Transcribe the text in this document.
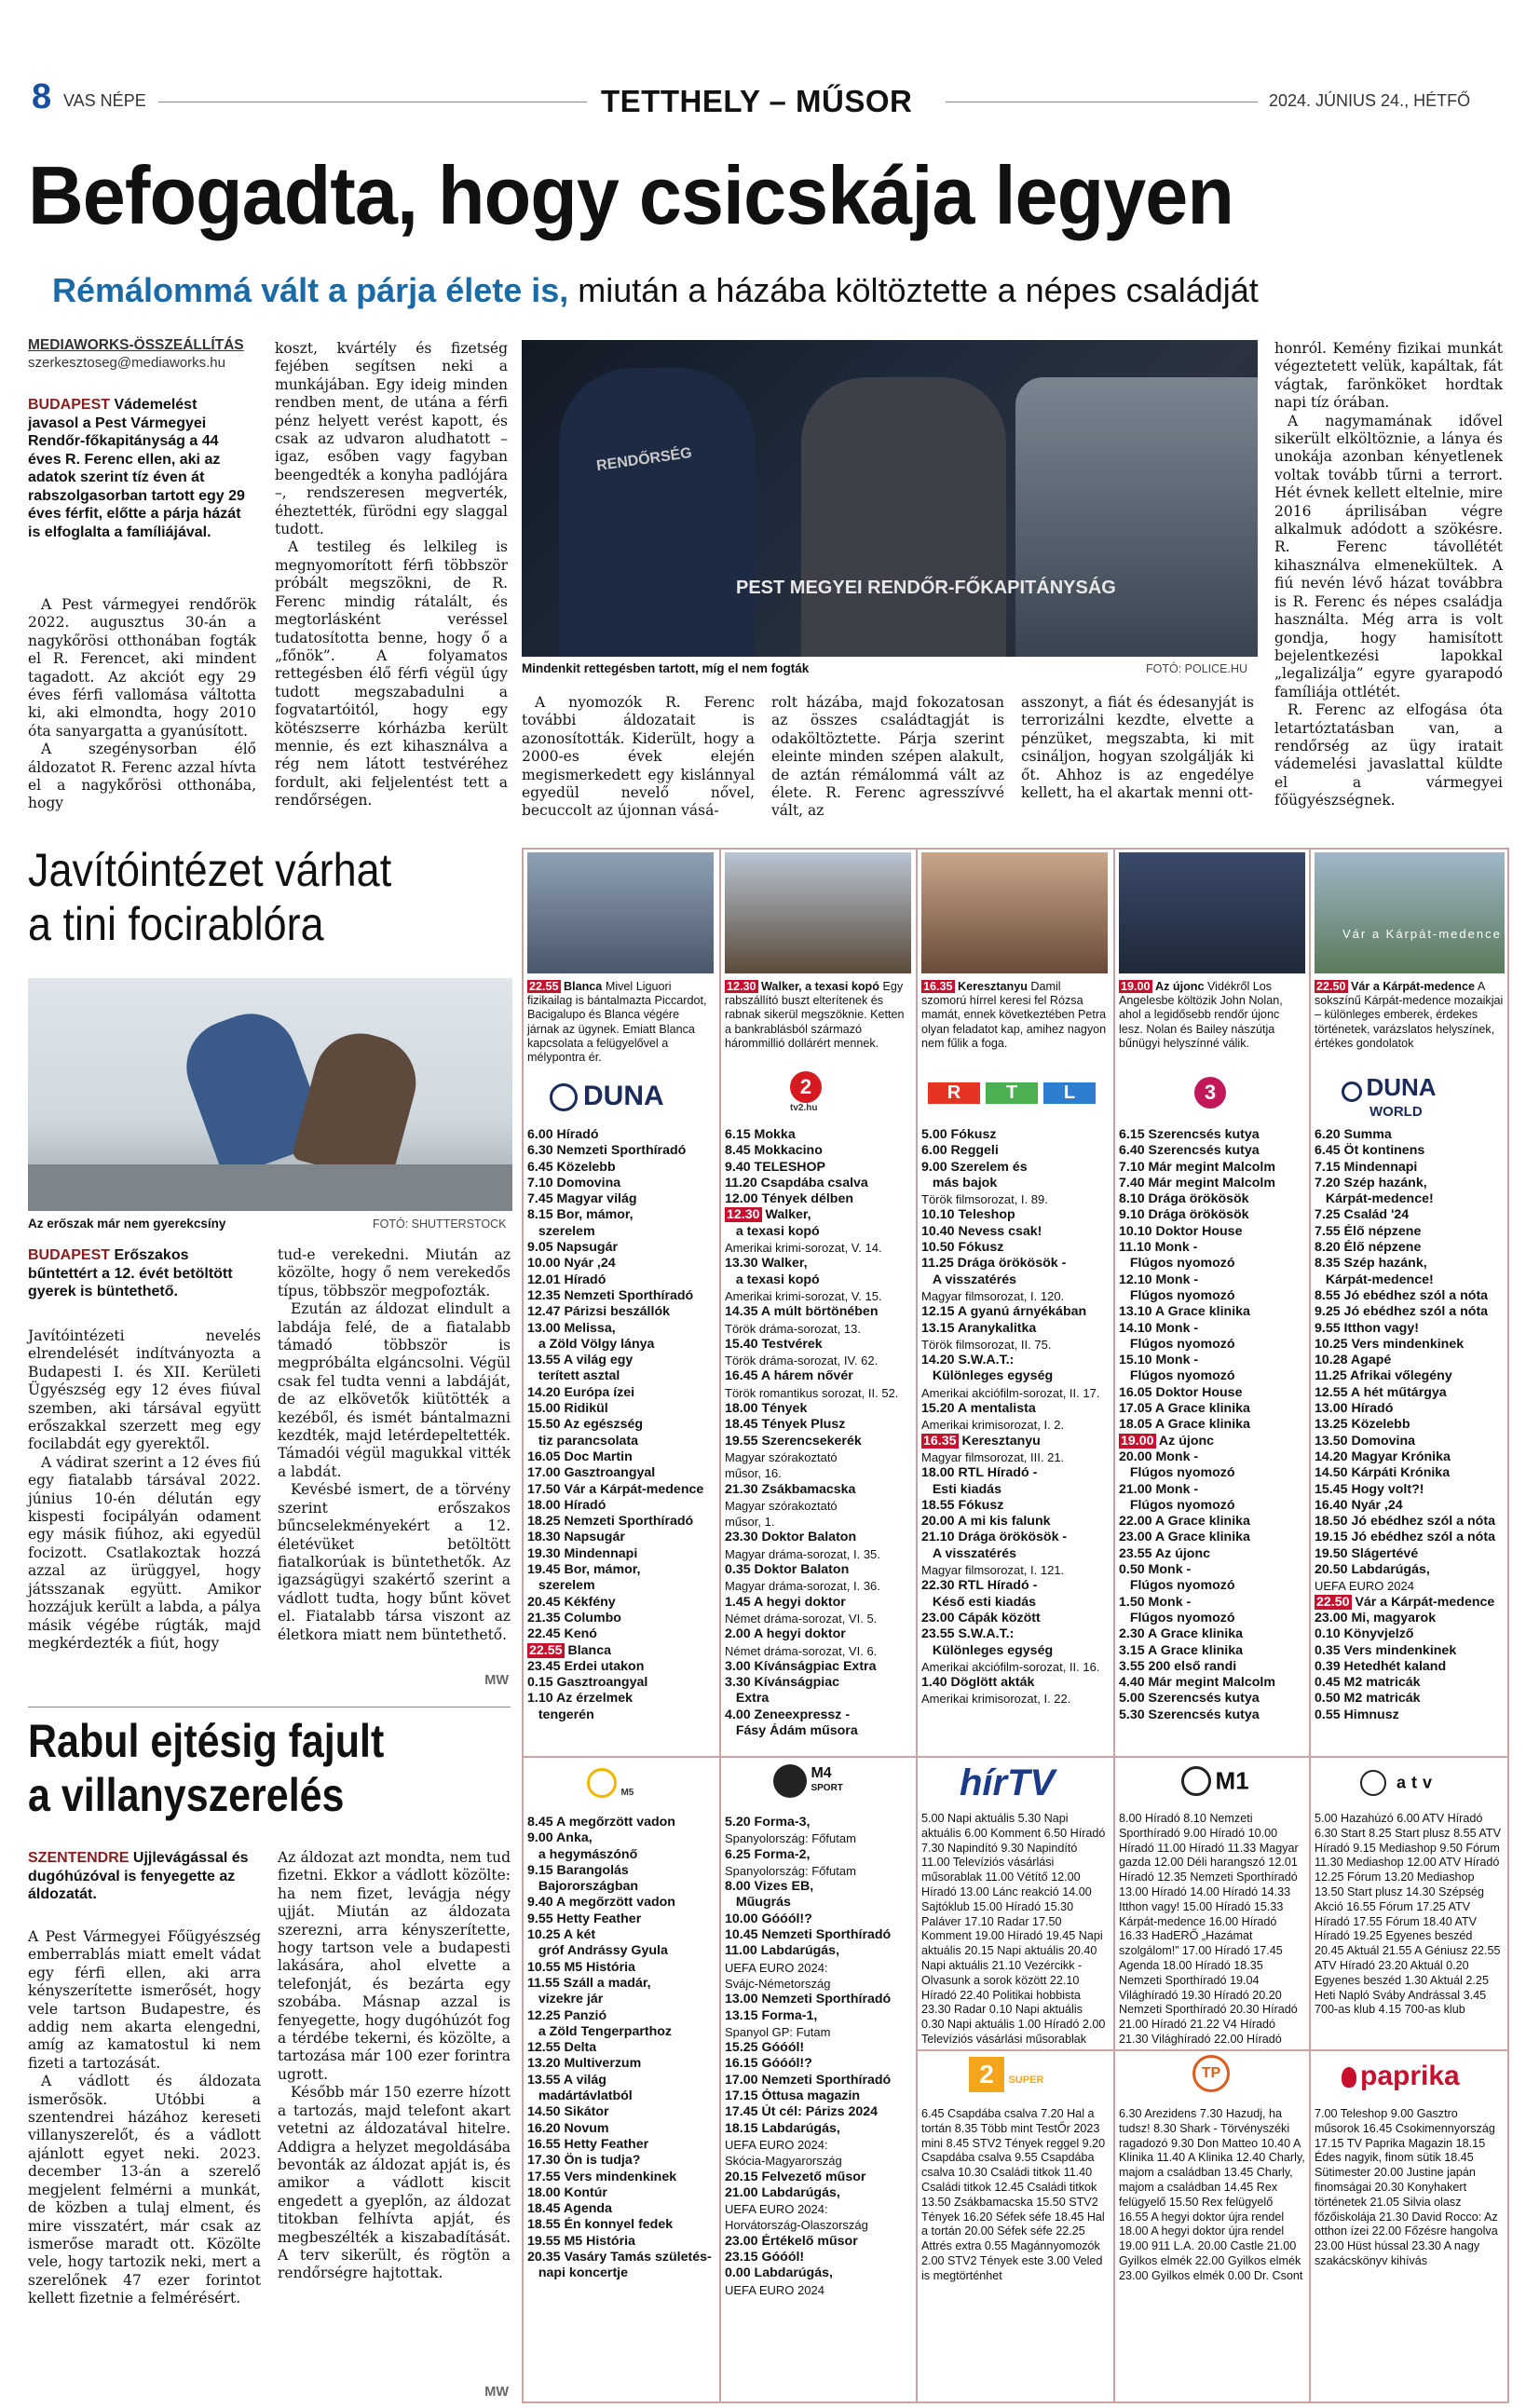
8 VAS NÉPE	TETTHELY – MŰSOR	2024. JÚNIUS 24., HÉTFŐ
Befogadta, hogy csicskája legyen
Rémálommá vált a párja élete is, miután a házába költöztette a népes családját
MEDIAWORKS-ÖSSZEÁLLÍTÁS
szerkesztoseg@mediaworks.hu
BUDAPEST Vádemelést javasol a Pest Vármegyei Rendőr-főkapitányság a 44 éves R. Ferenc ellen, aki az adatok szerint tíz éven át rabszolgasorban tartott egy 29 éves férfit, előtte a párja házát is elfoglalta a famíliájával.

A Pest vármegyei rendőrök 2022. augusztus 30-án a nagykőrösi otthonában fogták el R. Ferencet, aki mindent tagadott. Az akciót egy 29 éves férfi vallomása váltotta ki, aki elmondta, hogy 2010 óta sanyargatta a gyanúsított.

A szegénysorban élő áldozatot R. Ferenc azzal hívta el a nagykőrösi otthonába, hogy

koszt, kvártély és fizetség fejében segítsen neki a munkájában. Egy ideig minden rendben ment, de utána a férfi pénz helyett verést kapott, és csak az udvaron aludhatott – igaz, esőben vagy fagyban beengedték a konyha padlójára –, rendszeresen megverték, éheztették, fürödni egy slaggal tudott.

A testileg és lelkileg is megnyomorított férfi többször próbált megszökni, de R. Ferenc mindig rátalált, és megtorlásként veréssel tudatosította benne, hogy ő a „főnök”. A folyamatos rettegésben élő férfi végül úgy tudott megszabadulni a fogvatartóitól, hogy egy kötészserre kórházba került mennie, és ezt kihasználva a rég nem látott testvéréhez fordult, aki feljelentést tett a rendőrségen.

RENDŐRSÉG
PEST MEGYEI RENDŐR-FŐKAPITÁNYSÁG
Mindenkit rettegésben tartott, míg el nem fogták	FOTÓ: POLICE.HU

A nyomozók R. Ferenc további áldozatait is azonosították. Kiderült, hogy a 2000-es évek elején megismerkedett egy kislánnyal egyedül nevelő nővel, becuccolt az újonnan vásá-

rolt házába, majd fokozatosan az összes családtagját is odaköltöztette. Párja szerint eleinte minden szépen alakult, de aztán rémálommá vált az élete. R. Ferenc agresszívvé vált, az

asszonyt, a fiát és édesanyját is terrorizálni kezdte, elvette a pénzüket, megszabta, ki mit csináljon, hogyan szolgálják ki őt. Ahhoz is az engedélye kellett, ha el akartak menni ott-

honról. Kemény fizikai munkát végeztetett velük, kapáltak, fát vágtak, farönköket hordtak napi tíz órában.

A nagymamának idővel sikerült elköltöznie, a lánya és unokája azonban kényetlenek voltak tovább tűrni a terrort. Hét évnek kellett eltelnie, mire 2016 áprilisában végre alkalmuk adódott a szökésre. R. Ferenc távollétét kihasználva elmenekültek. A fiú nevén lévő házat továbbra is R. Ferenc és népes családja használta. Még arra is volt gondja, hogy hamisított bejelentkezési lapokkal „legalizálja” egyre gyarapodó famíliája ottlétét.

R. Ferenc az elfogása óta letartóztatásban van, a rendőrség az ügy iratait vádemelési javaslattal küldte el a vármegyei főügyészségnek.

Javítóintézet várhat
a tini focirablóra
Az erőszak már nem gyerekcsíny	FOTÓ: SHUTTERSTOCK
BUDAPEST Erőszakos bűntettért a 12. évét betöltött gyerek is büntethető.

Javítóintézeti nevelés elrendelését indítványozta a Budapesti I. és XII. Kerületi Ügyészség egy 12 éves fiúval szemben, aki társával együtt erőszakkal szerzett meg egy focilabdát egy gyerektől.

A vádirat szerint a 12 éves fiú egy fiatalabb társával 2022. június 10-én délután egy kispesti focipályán odament egy másik fiúhoz, aki egyedül focizott. Csatlakoztak hozzá azzal az ürüggyel, hogy játsszanak együtt. Amikor hozzájuk került a labda, a pálya másik végébe rúgták, majd megkérdezték a fiút, hogy

tud-e verekedni. Miután az közölte, hogy ő nem verekedős típus, többször megpofozták.

Ezután az áldozat elindult a labdája felé, de a fiatalabb támadó többször is megpróbálta elgáncsolni. Végül csak fel tudta venni a labdáját, de az elkövetők kiütötték a kezéből, és ismét bántalmazni kezdték, majd letérdepeltették. Támadói végül magukkal vitték a labdát.

Kevésbé ismert, de a törvény szerint erőszakos bűncselekményekért a 12. életévüket betöltött fiatalkorúak is büntethetők. Az igazságügyi szakértő szerint a vádlott tudta, hogy bűnt követ el. Fiatalabb társa viszont az életkora miatt nem büntethető.

MW
Rabul ejtésig fajult
a villanyszerelés
SZENTENDRE Ujjlevágással és dugóhúzóval is fenyegette az áldozatát.

A Pest Vármegyei Főügyészség emberrablás miatt emelt vádat egy férfi ellen, aki arra kényszerítette ismerősét, hogy vele tartson Budapestre, és addig nem akarta elengedni, amíg az kamatostul ki nem fizeti a tartozását.

A vádlott és áldozata ismerősök. Utóbbi a szentendrei házához kereseti villanyszerelőt, és a vádlott ajánlott egyet neki. 2023. december 13-án a szerelő megjelent felmérni a munkát, de közben a tulaj elment, és mire visszatért, már csak az ismerőse maradt ott. Közölte vele, hogy tartozik neki, mert a szerelőnek 47 ezer forintot kellett fizetnie a felmérésért.

Az áldozat azt mondta, nem tud fizetni. Ekkor a vádlott közölte: ha nem fizet, levágja négy ujját. Miután az áldozata szerezni, arra kényszerítette, hogy tartson vele a budapesti lakására, ahol elvette a telefonját, és bezárta egy szobába. Másnap azzal is fenyegette, hogy dugóhúzót fog a térdébe tekerni, és közölte, a tartozása már 100 ezer forintra ugrott.

Később már 150 ezerre hízott a tartozás, majd telefont akart vetetni az áldozatával hitelre. Addigra a helyzet megoldásába bevonták az áldozat apját is, és amikor a vádlott kiscit engedett a gyeplőn, az áldozat titokban felhívta apját, és megbeszélték a kiszabadítását. A terv sikerült, és rögtön a rendőrségre hajtottak.

MW
Vár a Kárpát-medence
22.55 Blanca Mivel Liguori fizikailag is bántalmazta Piccardot, Bacigalupo és Blanca végére járnak az ügynek. Emiatt Blanca kapcsolata a felügyelővel a mélypontra ér.
12.30 Walker, a texasi kopó Egy rabszállító buszt elterítenek és rabnak sikerül megszöknie. Ketten a bankrablásból származó hárommillió dollárért mennek.
16.35 Keresztanyu Damil szomorú hírrel keresi fel Rózsa mamát, ennek következtében Petra olyan feladatot kap, amihez nagyon nem fűlik a foga.
19.00 Az újonc Vidékről Los Angelesbe költözik John Nolan, ahol a legidősebb rendőr újonc lesz. Nolan és Bailey nászútja bűnügyi helyszínné válik.
22.50 Vár a Kárpát-medence A sokszínű Kárpát-medence mozaikjai – különleges emberek, érdekes történetek, varázslatos helyszínek, értékes gondolatok
DUNA	2
tv2.hu
R T L	3	DUNA
WORLD
6.00 Híradó
6.30 Nemzeti Sporthíradó
6.45 Közelebb
7.10 Domovina
7.45 Magyar világ
8.15 Bor, mámor,
szerelem
9.05 Napsugár
10.00 Nyár ,24
12.01 Híradó
12.35 Nemzeti Sporthíradó
12.47 Párizsi beszállók
13.00 Melissa,
a Zöld Völgy lánya
13.55 A világ egy
terített asztal
14.20 Európa ízei
15.00 Ridikül
15.50 Az egészség
tiz parancsolata
16.05 Doc Martin
17.00 Gasztroangyal
17.50 Vár a Kárpát-medence
18.00 Híradó
18.25 Nemzeti Sporthíradó
18.30 Napsugár
19.30 Mindennapi
19.45 Bor, mámor,
szerelem
20.45 Kékfény
21.35 Columbo
22.45 Kenó
22.55 Blanca
23.45 Erdei utakon
0.15 Gasztroangyal
1.10 Az érzelmek
tengerén
6.15 Mokka
8.45 Mokkacino
9.40 TELESHOP
11.20 Csapdába csalva
12.00 Tények délben
12.30 Walker,
a texasi kopó
Amerikai krimi-sorozat, V. 14.
13.30 Walker,
a texasi kopó
Amerikai krimi-sorozat, V. 15.
14.35 A múlt börtönében
Török dráma-sorozat, 13.
15.40 Testvérek
Török dráma-sorozat, IV. 62.
16.45 A hárem nővér
Török romantikus sorozat, II. 52.
18.00 Tények
18.45 Tények Plusz
19.55 Szerencsekerék
Magyar szórakoztató
műsor, 16.
21.30 Zsákbamacska
Magyar szórakoztató
műsor, 1.
23.30 Doktor Balaton
Magyar dráma-sorozat, I. 35.
0.35 Doktor Balaton
Magyar dráma-sorozat, I. 36.
1.45 A hegyi doktor
Német dráma-sorozat, VI. 5.
2.00 A hegyi doktor
Német dráma-sorozat, VI. 6.
3.00 Kívánságpiac Extra
3.30 Kívánságpiac
Extra
4.00 Zeneexpressz -
Fásy Ádám műsora
5.00 Fókusz
6.00 Reggeli
9.00 Szerelem és
más bajok
Török filmsorozat, I. 89.
10.10 Teleshop
10.40 Nevess csak!
10.50 Fókusz
11.25 Drága örökösök -
A visszatérés
Magyar filmsorozat, I. 120.
12.15 A gyanú árnyékában
13.15 Aranykalitka
Török filmsorozat, II. 75.
14.20 S.W.A.T.:
Különleges egység
Amerikai akciófilm-sorozat, II. 17.
15.20 A mentalista
Amerikai krimisorozat, I. 2.
16.35 Keresztanyu
Magyar filmsorozat, III. 21.
18.00 RTL Híradó -
Esti kiadás
18.55 Fókusz
20.00 A mi kis falunk
21.10 Drága örökösök -
A visszatérés
Magyar filmsorozat, I. 121.
22.30 RTL Híradó -
Késő esti kiadás
23.00 Cápák között
23.55 S.W.A.T.:
Különleges egység
Amerikai akciófilm-sorozat, II. 16.
1.40 Döglött akták
Amerikai krimisorozat, I. 22.
6.15 Szerencsés kutya
6.40 Szerencsés kutya
7.10 Már megint Malcolm
7.40 Már megint Malcolm
8.10 Drága örökösök
9.10 Drága örökösök
10.10 Doktor House
11.10 Monk -
Flúgos nyomozó
12.10 Monk -
Flúgos nyomozó
13.10 A Grace klinika
14.10 Monk -
Flúgos nyomozó
15.10 Monk -
Flúgos nyomozó
16.05 Doktor House
17.05 A Grace klinika
18.05 A Grace klinika
19.00 Az újonc
20.00 Monk -
Flúgos nyomozó
21.00 Monk -
Flúgos nyomozó
22.00 A Grace klinika
23.00 A Grace klinika
23.55 Az újonc
0.50 Monk -
Flúgos nyomozó
1.50 Monk -
Flúgos nyomozó
2.30 A Grace klinika
3.15 A Grace klinika
3.55 200 első randi
4.40 Már megint Malcolm
5.00 Szerencsés kutya
5.30 Szerencsés kutya
6.20 Summa
6.45 Öt kontinens
7.15 Mindennapi
7.20 Szép hazánk,
Kárpát-medence!
7.25 Család '24
7.55 Élő népzene
8.20 Élő népzene
8.35 Szép hazánk,
Kárpát-medence!
8.55 Jó ebédhez szól a nóta
9.25 Jó ebédhez szól a nóta
9.55 Itthon vagy!
10.25 Vers mindenkinek
10.28 Agapé
11.25 Afrikai vőlegény
12.55 A hét műtárgya
13.00 Híradó
13.25 Közelebb
13.50 Domovina
14.20 Magyar Krónika
14.50 Kárpáti Krónika
15.45 Hogy volt?!
16.40 Nyár ,24
18.50 Jó ebédhez szól a nóta
19.15 Jó ebédhez szól a nóta
19.50 Slágertévé
20.50 Labdarúgás,
UEFA EURO 2024
22.50 Vár a Kárpát-medence
23.00 Mi, magyarok
0.10 Könyvjelző
0.35 Vers mindenkinek
0.39 Hetedhét kaland
0.45 M2 matricák
0.50 M2 matricák
0.55 Himnusz
M5
M4
SPORT	hírTV	M1	atv
8.45 A megőrzött vadon
9.00 Anka,
a hegymászónő
9.15 Barangolás
Bajorországban
9.40 A megőrzött vadon
9.55 Hetty Feather
10.25 A két
gróf Andrássy Gyula
10.55 M5 História
11.55 Száll a madár,
vizekre jár
12.25 Panzió
a Zöld Tengerparthoz
12.55 Delta
13.20 Multiverzum
13.55 A világ
madártávlatból
14.50 Sikátor
16.20 Novum
16.55 Hetty Feather
17.30 Ön is tudja?
17.55 Vers mindenkinek
18.00 Kontúr
18.45 Agenda
18.55 Én konnyel fedek
19.55 M5 História
20.35 Vasáry Tamás születés-
napi koncertje
5.20 Forma-3,
Spanyolország: Főfutam
6.25 Forma-2,
Spanyolország: Főfutam
8.00 Vizes EB,
Műugrás
10.00 Góóól!?
10.45 Nemzeti Sporthíradó
11.00 Labdarúgás,
UEFA EURO 2024:
Svájc-Németország
13.00 Nemzeti Sporthíradó
13.15 Forma-1,
Spanyol GP: Futam
15.25 Góóól!
16.15 Góóól!?
17.00 Nemzeti Sporthíradó
17.15 Óttusa magazin
17.45 Út cél: Párizs 2024
18.15 Labdarúgás,
UEFA EURO 2024:
Skócia-Magyarország
20.15 Felvezető műsor
21.00 Labdarúgás,
UEFA EURO 2024:
Horvátország-Olaszország
23.00 Értékelő műsor
23.15 Góóól!
0.00 Labdarúgás,
UEFA EURO 2024
5.00 Napi aktuális 5.30 Napi aktuális 6.00 Komment 6.50 Híradó 7.30 Napindító 9.30 Napindító 11.00 Televíziós vásárlási műsorablak 11.00 Vétítő 12.00 Híradó 13.00 Lánc reakció 14.00 Sajtóklub 15.00 Híradó 15.30 Paláver 17.10 Radar 17.50 Komment 19.00 Híradó 19.45 Napi aktuális 20.15 Napi aktuális 20.40 Napi aktuális 21.10 Vezércikk - Olvasunk a sorok között 22.10 Híradó 22.40 Politikai hobbista 23.30 Radar 0.10 Napi aktuális 0.30 Napi aktuális 1.00 Híradó 2.00 Televíziós vásárlási műsorablak
8.00 Híradó 8.10 Nemzeti Sporthíradó 9.00 Híradó 10.00 Híradó 11.00 Híradó 11.33 Magyar gazda 12.00 Déli harangszó 12.01 Híradó 12.35 Nemzeti Sporthíradó 13.00 Híradó 14.00 Híradó 14.33 Itthon vagy! 15.00 Híradó 15.33 Kárpát-medence 16.00 Híradó 16.33 HadERŐ „Hazámat szolgálom!” 17.00 Híradó 17.45 Agenda 18.00 Híradó 18.35 Nemzeti Sporthíradó 19.04 Világhíradó 19.30 Híradó 20.20 Nemzeti Sporthíradó 20.30 Híradó 21.00 Híradó 21.22 V4 Híradó 21.30 Világhíradó 22.00 Híradó
5.00 Hazahúzó 6.00 ATV Híradó 6.30 Start 8.25 Start plusz 8.55 ATV Híradó 9.15 Mediashop 9.50 Fórum 11.30 Mediashop 12.00 ATV Híradó 12.25 Fórum 13.20 Mediashop 13.50 Start plusz 14.30 Szépség Akció 16.55 Fórum 17.25 ATV Híradó 17.55 Fórum 18.40 ATV Híradó 19.25 Egyenes beszéd 20.45 Aktuál 21.55 A Géniusz 22.55 ATV Híradó 23.20 Aktuál 0.20 Egyenes beszéd 1.30 Aktuál 2.25 Heti Napló Sváby Andrással 3.45 700-as klub 4.15 700-as klub
2 SUPER	TP	paprika
6.45 Csapdába csalva 7.20 Hal a tortán 8.35 Több mint TestŐr 2023 mini 8.45 STV2 Tények reggel 9.20 Csapdába csalva 9.55 Csapdába csalva 10.30 Családi titkok 11.40 Családi titkok 12.45 Családi titkok 13.50 Zsákbamacska 15.50 STV2 Tények 16.20 Séfek séfe 18.45 Hal a tortán 20.00 Séfek séfe 22.25 Attrés extra 0.55 Magánnyomozók 2.00 STV2 Tények este 3.00 Veled is megtörténhet
6.30 Arezidens 7.30 Hazudj, ha tudsz! 8.30 Shark - Törvényszéki ragadozó 9.30 Don Matteo 10.40 A Klinika 11.40 A Klinika 12.40 Charly, majom a családban 13.45 Charly, majom a családban 14.45 Rex felügyelő 15.50 Rex felügyelő 16.55 A hegyi doktor újra rendel 18.00 A hegyi doktor újra rendel 19.00 911 L.A. 20.00 Castle 21.00 Gyilkos elmék 22.00 Gyilkos elmék 23.00 Gyilkos elmék 0.00 Dr. Csont
7.00 Teleshop 9.00 Gasztro műsorok 16.45 Csokimennyország 17.15 TV Paprika Magazin 18.15 Édes nagyik, finom sütik 18.45 Sütimester 20.00 Justine japán finomságai 20.30 Konyhakert történetek 21.05 Silvia olasz főzőiskolája 21.30 David Rocco: Az otthon ízei 22.00 Főzésre hangolva 23.00 Hüst hússal 23.30 A nagy szakácskönyv kihívás
